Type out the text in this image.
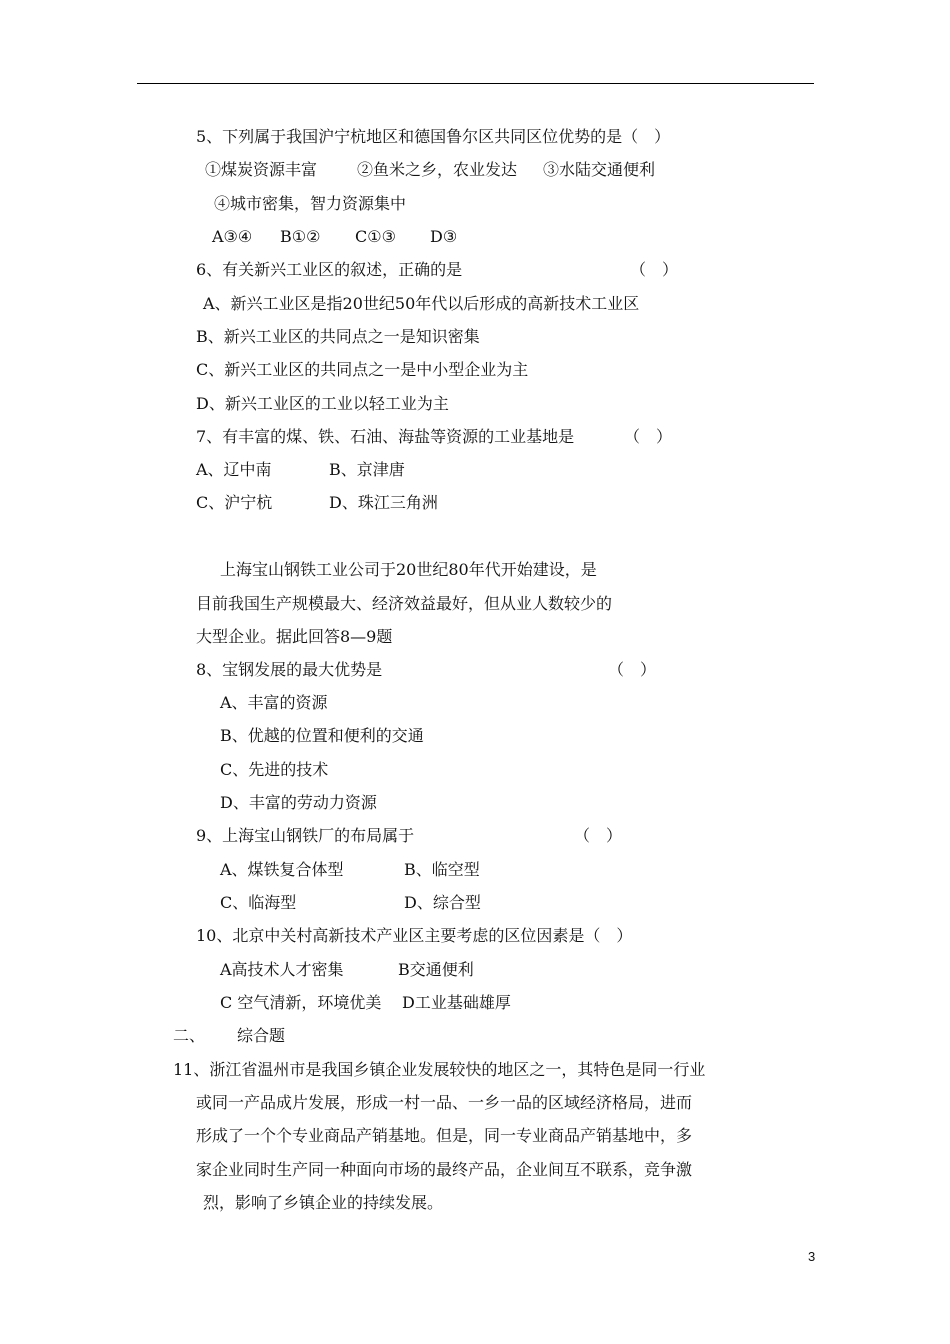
5、下列属于我国沪宁杭地区和德国鲁尔区共同区位优势的是（　）
①煤炭资源丰富 ②鱼米之乡，农业发达 ③水陆交通便利
④城市密集，智力资源集中
A③④ B①② C①③ D③
6、有关新兴工业区的叙述，正确的是	（　）
A、新兴工业区是指20世纪50年代以后形成的高新技术工业区
B、新兴工业区的共同点之一是知识密集
C、新兴工业区的共同点之一是中小型企业为主
D、新兴工业区的工业以轻工业为主
7、有丰富的煤、铁、石油、海盐等资源的工业基地是	（　）
A、辽中南	B、京津唐
C、沪宁杭	D、珠江三角洲
上海宝山钢铁工业公司于20世纪80年代开始建设，是
目前我国生产规模最大、经济效益最好，但从业人数较少的
大型企业。据此回答8—9题
8、宝钢发展的最大优势是	（　）
A、丰富的资源
B、优越的位置和便利的交通
C、先进的技术
D、丰富的劳动力资源
9、上海宝山钢铁厂的布局属于	（　）
A、煤铁复合体型	B、临空型
C、临海型	D、综合型
10、北京中关村高新技术产业区主要考虑的区位因素是（　）
A高技术人才密集	B交通便利
C 空气清新，环境优美 D工业基础雄厚
二、 综合题
11、浙江省温州市是我国乡镇企业发展较快的地区之一，其特色是同一行业
或同一产品成片发展，形成一村一品、一乡一品的区域经济格局，进而
形成了一个个专业商品产销基地。但是，同一专业商品产销基地中，多
家企业同时生产同一种面向市场的最终产品，企业间互不联系，竞争激
烈，影响了乡镇企业的持续发展。
3
